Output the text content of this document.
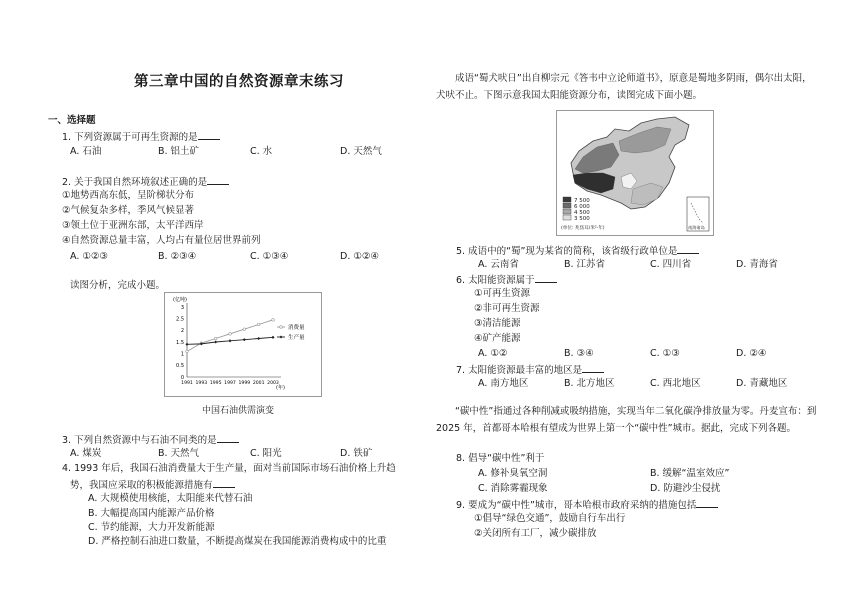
第三章中国的自然资源章末练习
一、选择题
1. 下列资源属于可再生资源的是
A. 石油	B. 铝土矿	C. 水	D. 天然气
2. 关于我国自然环境叙述正确的是
①地势西高东低，呈阶梯状分布
②气候复杂多样，季风气候显著
③领土位于亚洲东部，太平洋西岸
④自然资源总量丰富，人均占有量位居世界前列
A. ①②③	B. ②③④	C. ①③④	D. ①②④
读图分析，完成小题。
(亿吨)
(年)
0
0.5
1
1.5
2
2.5
3
1991 1993 1995 1997 1999 2001 2003
消费量
生产量
中国石油供需演变
3. 下列自然资源中与石油不同类的是
A. 煤炭	B. 天然气	C. 阳光	D. 铁矿
4. 1993 年后，我国石油消费量大于生产量，面对当前国际市场石油价格上升趋
势，我国应采取的积极能源措施有
A. 大规模使用核能，太阳能来代替石油
B. 大幅提高国内能源产品价格
C. 节约能源，大力开发新能源
D. 严格控制石油进口数量，不断提高煤炭在我国能源消费构成中的比重
成语“蜀犬吠日”出自柳宗元《答韦中立论师道书》，原意是蜀地多阴雨，偶尔出太阳，犬吠不止。下图示意我国太阳能资源分布，读图完成下面小题。
7 500
6 000
4 500
3 500
(单位: 兆焦耳/米²·年)	南海诸岛
5. 成语中的“蜀”现为某省的简称，该省级行政单位是
A. 云南省	B. 江苏省	C. 四川省	D. 青海省
6. 太阳能资源属于
①可再生资源
②非可再生资源
③清洁能源
④矿产能源
A. ①②	B. ③④	C. ①③	D. ②④
7. 太阳能资源最丰富的地区是
A. 南方地区	B. 北方地区	C. 西北地区	D. 青藏地区
“碳中性”指通过各种削减或吸纳措施，实现当年二氧化碳净排放量为零。丹麦宣布：到 2025 年，首都哥本哈根有望成为世界上第一个“碳中性”城市。据此，完成下列各题。
8. 倡导“碳中性”利于
A. 修补臭氧空洞	B. 缓解“温室效应”
C. 消除雾霾现象	D. 防避沙尘侵扰
9. 要成为“碳中性”城市，哥本哈根市政府采纳的措施包括
①倡导“绿色交通”，鼓励自行车出行
②关闭所有工厂，减少碳排放
